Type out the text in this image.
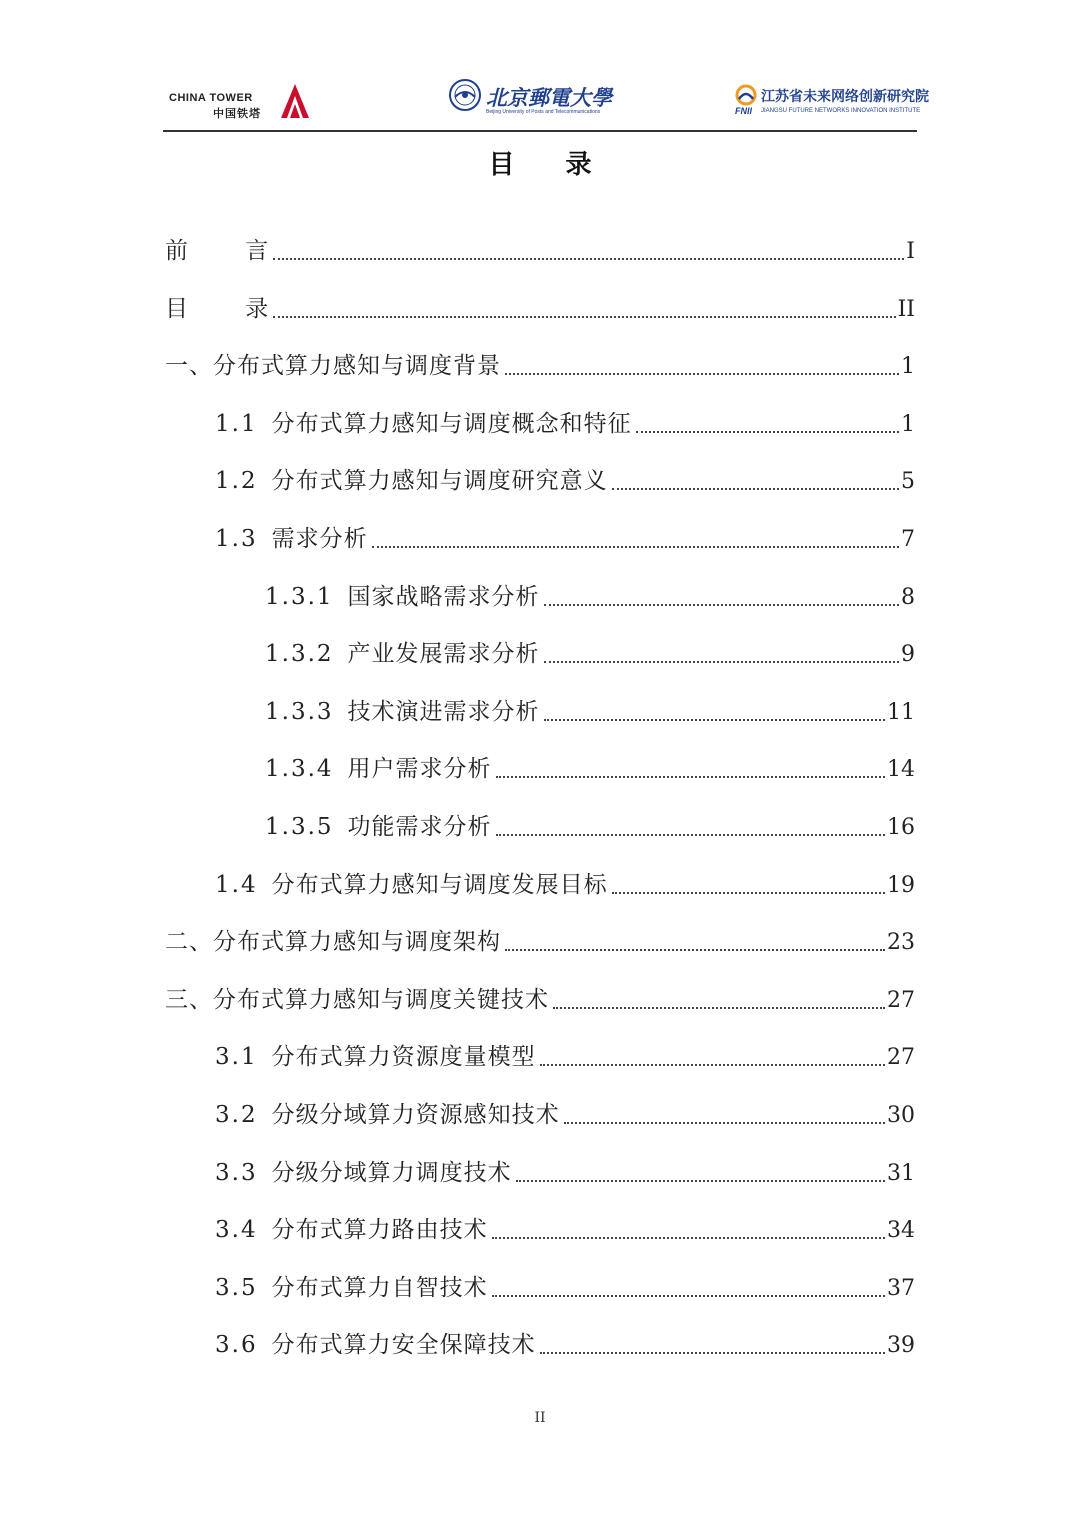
CHINA TOWER
中国铁塔
北京郵電大學
Beijing University of Posts and Telecommunications	FNII
江苏省未来网络创新研究院
JIANGSU FUTURE NETWORKS INNOVATION INSTITUTE
目 录
前 言	I
目 录	II
一、分布式算力感知与调度背景	1
1.1 分布式算力感知与调度概念和特征	1
1.2 分布式算力感知与调度研究意义	5
1.3 需求分析	7
1.3.1 国家战略需求分析	8
1.3.2 产业发展需求分析	9
1.3.3 技术演进需求分析	11
1.3.4 用户需求分析	14
1.3.5 功能需求分析	16
1.4 分布式算力感知与调度发展目标	19
二、分布式算力感知与调度架构	23
三、分布式算力感知与调度关键技术	27
3.1 分布式算力资源度量模型	27
3.2 分级分域算力资源感知技术	30
3.3 分级分域算力调度技术	31
3.4 分布式算力路由技术	34
3.5 分布式算力自智技术	37
3.6 分布式算力安全保障技术	39
II
